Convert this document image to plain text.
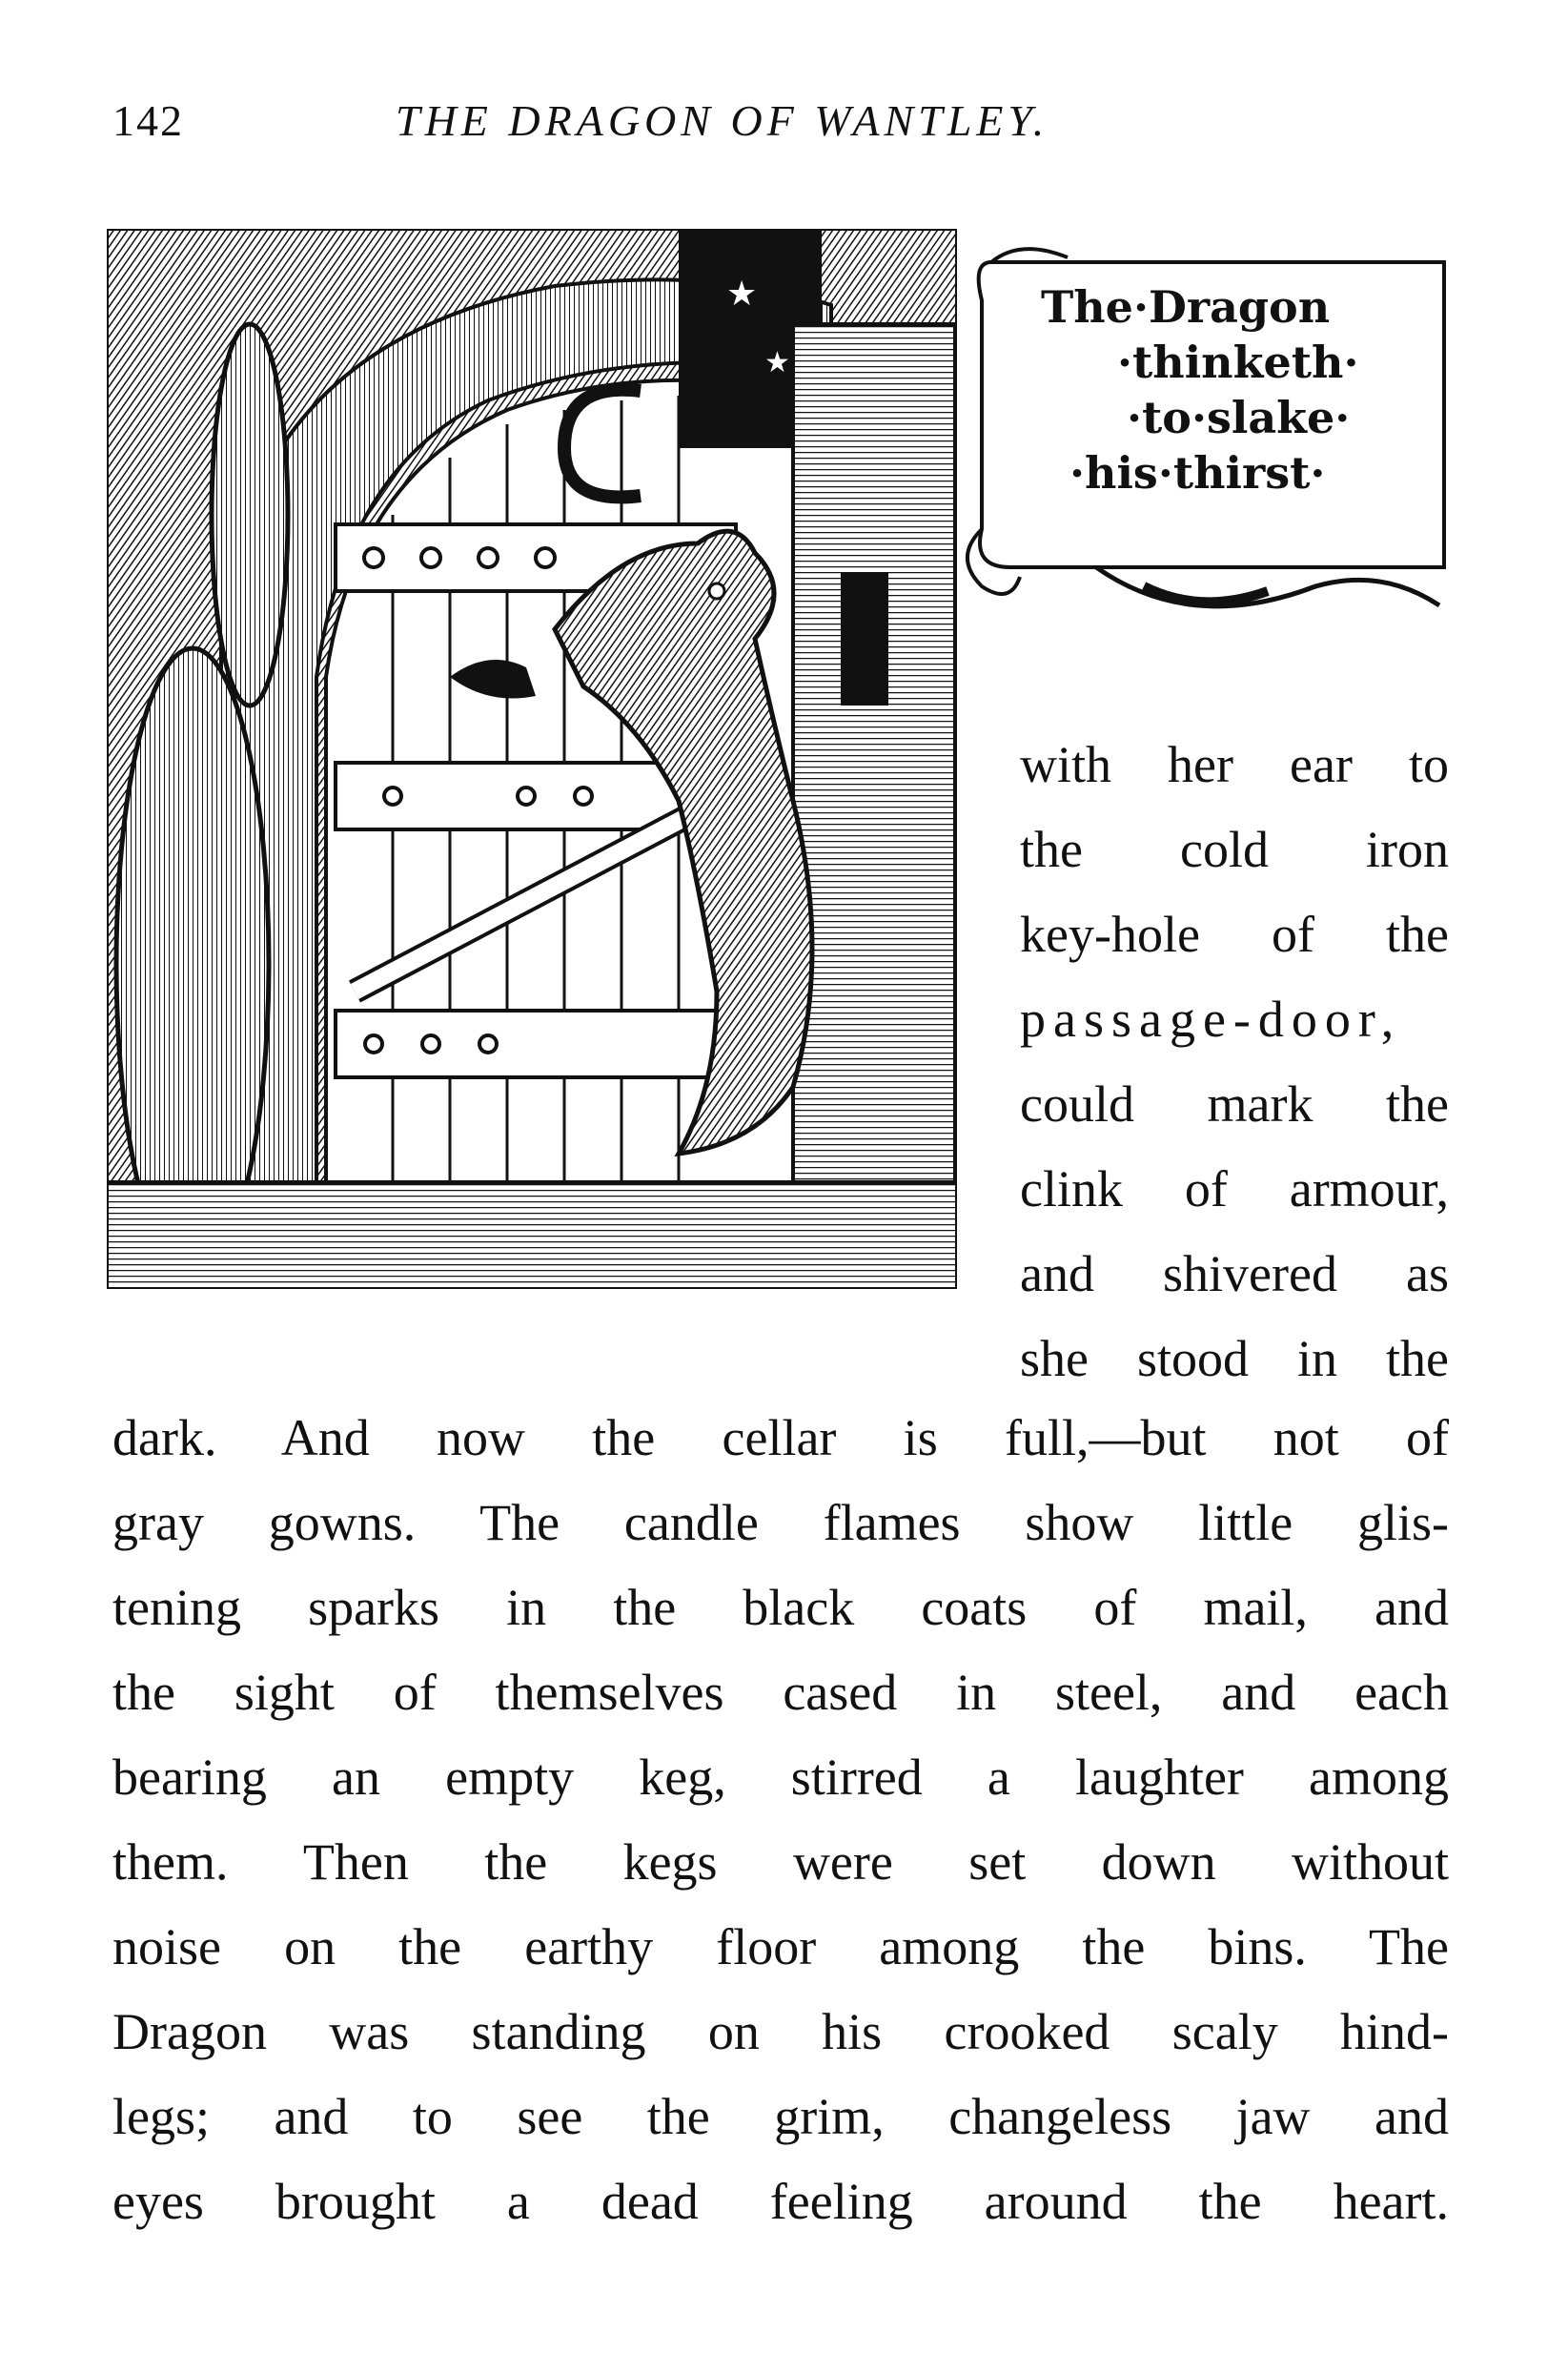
142	THE DRAGON OF WANTLEY.
★
★
The·Dragon
·thinketh·
·to·slake·
·his·thirst·
with her ear to
the cold iron
key-hole of the
passage-door,
could mark the
clink of armour,
and shivered as
she stood in the
dark. And now the cellar is full,—but not of
gray gowns. The candle flames show little glis-
tening sparks in the black coats of mail, and
the sight of themselves cased in steel, and each
bearing an empty keg, stirred a laughter among
them. Then the kegs were set down without
noise on the earthy floor among the bins. The
Dragon was standing on his crooked scaly hind-
legs; and to see the grim, changeless jaw and
eyes brought a dead feeling around the heart.
